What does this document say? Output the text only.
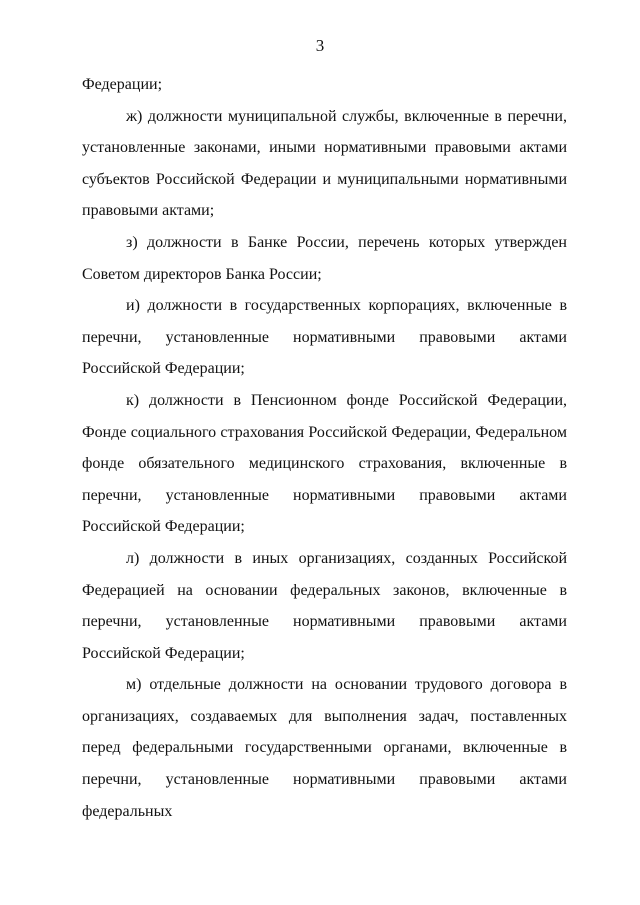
3

Федерации;

ж) должности муниципальной службы, включенные в перечни, установленные законами, иными нормативными правовыми актами субъектов Российской Федерации и муниципальными нормативными правовыми актами;

з) должности в Банке России, перечень которых утвержден Советом директоров Банка России;

и) должности в государственных корпорациях, включенные в перечни, установленные нормативными правовыми актами Российской Федерации;

к) должности в Пенсионном фонде Российской Федерации, Фонде социального страхования Российской Федерации, Федеральном фонде обязательного медицинского страхования, включенные в перечни, установленные нормативными правовыми актами Российской Федерации;

л) должности в иных организациях, созданных Российской Федерацией на основании федеральных законов, включенные в перечни, установленные нормативными правовыми актами Российской Федерации;

м) отдельные должности на основании трудового договора в организациях, создаваемых для выполнения задач, поставленных перед федеральными государственными органами, включенные в перечни, установленные нормативными правовыми актами федеральных
